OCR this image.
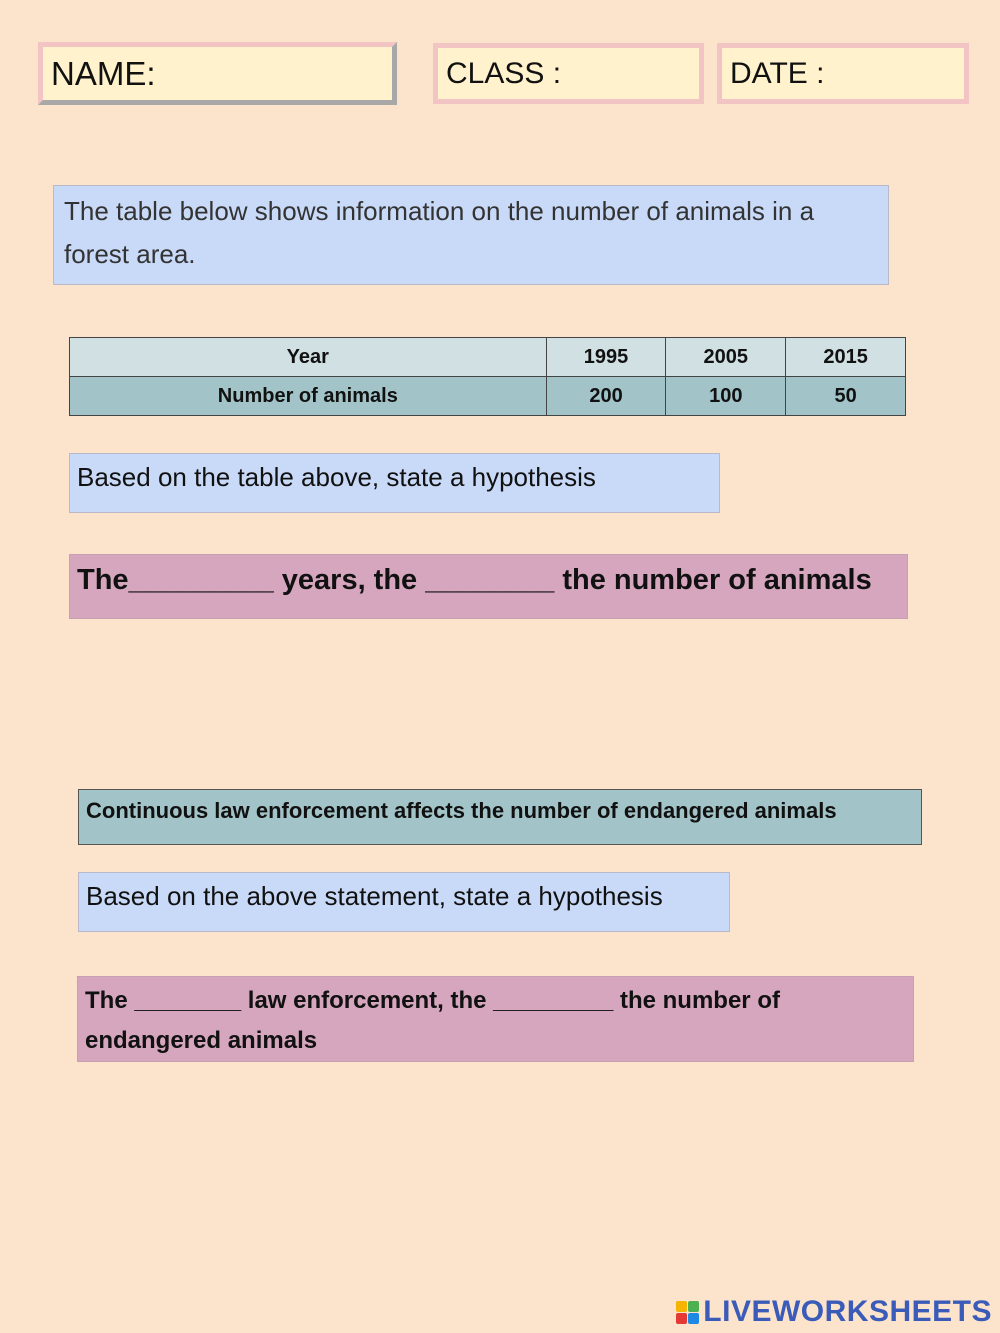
NAME:	CLASS :	DATE :
The table below shows information on the number of animals in a forest area.
Year	1995	2005	2015
Number of animals	200	100	50
Based on the table above, state a hypothesis
The_________ years, the ________ the number of animals
Continuous law enforcement affects the number of endangered animals
Based on the above statement, state a hypothesis
The ________ law enforcement, the _________ the number of endangered animals
LIVEWORKSHEETS
